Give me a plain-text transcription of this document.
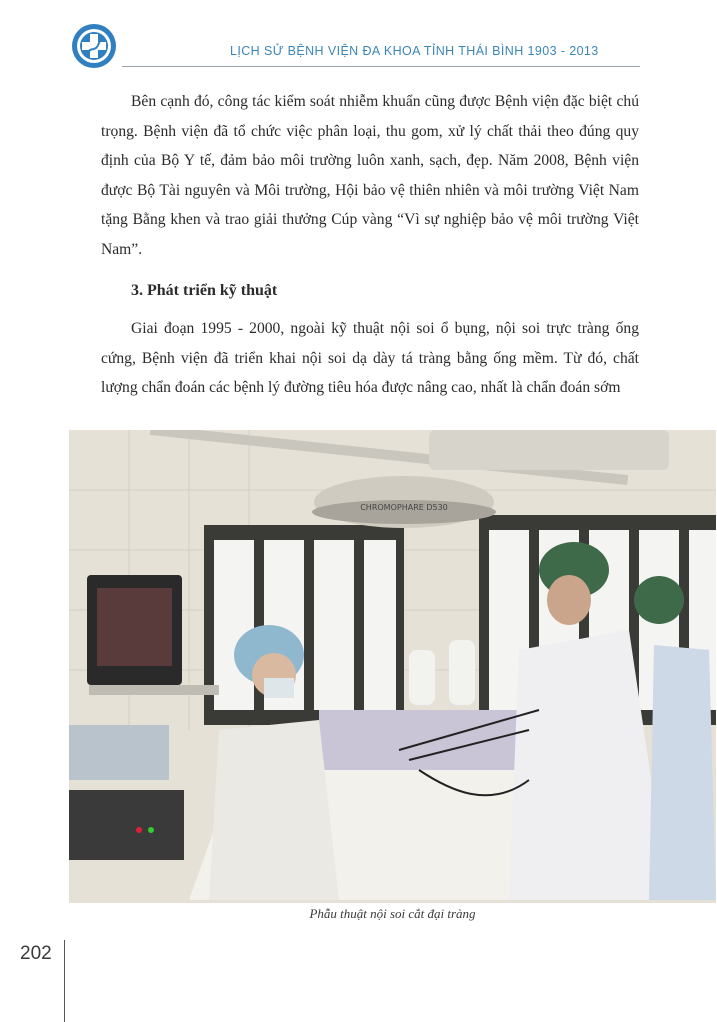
LỊCH SỬ BỆNH VIỆN ĐA KHOA TỈNH THÁI BÌNH 1903 - 2013

Bên cạnh đó, công tác kiểm soát nhiễm khuẩn cũng được Bệnh viện đặc biệt chú trọng. Bệnh viện đã tổ chức việc phân loại, thu gom, xử lý chất thải theo đúng quy định của Bộ Y tế, đảm bảo môi trường luôn xanh, sạch, đẹp. Năm 2008, Bệnh viện được Bộ Tài nguyên và Môi trường, Hội bảo vệ thiên nhiên và môi trường Việt Nam tặng Bằng khen và trao giải thưởng Cúp vàng “Vì sự nghiệp bảo vệ môi trường Việt Nam”.

3. Phát triển kỹ thuật

Giai đoạn 1995 - 2000, ngoài kỹ thuật nội soi ổ bụng, nội soi trực tràng ống cứng, Bệnh viện đã triển khai nội soi dạ dày tá tràng bằng ống mềm. Từ đó, chất lượng chẩn đoán các bệnh lý đường tiêu hóa được nâng cao, nhất là chẩn đoán sớm

CHROMOPHARE D530
Phẫu thuật nội soi cắt đại tràng
202
